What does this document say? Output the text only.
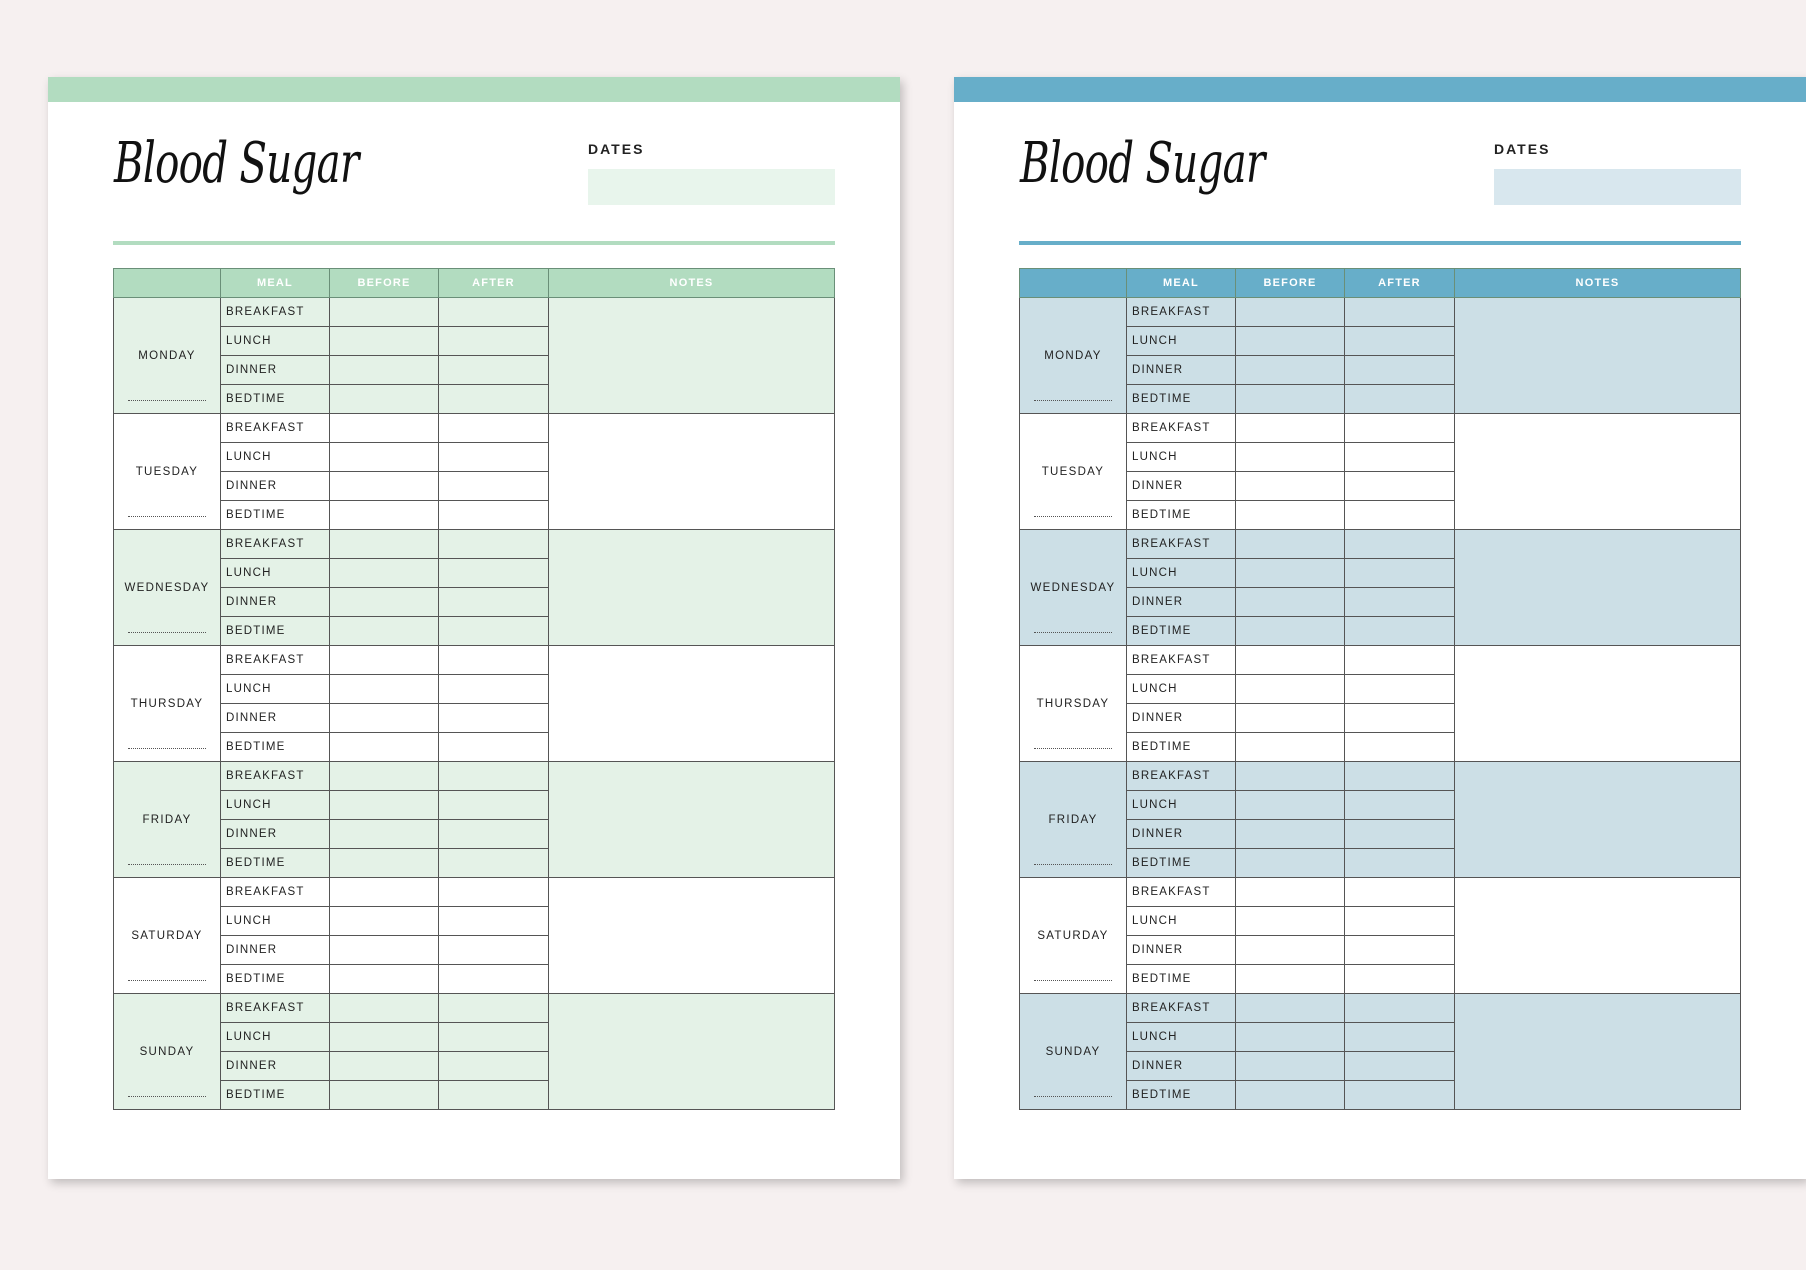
Blood Sugar	DATES
	MEAL	BEFORE	AFTER	NOTES
MONDAY	BREAKFAST			
	LUNCH			
	DINNER			
	BEDTIME			
TUESDAY	BREAKFAST			
	LUNCH			
	DINNER			
	BEDTIME			
WEDNESDAY	BREAKFAST			
	LUNCH			
	DINNER			
	BEDTIME			
THURSDAY	BREAKFAST			
	LUNCH			
	DINNER			
	BEDTIME			
FRIDAY	BREAKFAST			
	LUNCH			
	DINNER			
	BEDTIME			
SATURDAY	BREAKFAST			
	LUNCH			
	DINNER			
	BEDTIME			
SUNDAY	BREAKFAST			
	LUNCH			
	DINNER			
	BEDTIME			
Blood Sugar	DATES
	MEAL	BEFORE	AFTER	NOTES
MONDAY	BREAKFAST			
	LUNCH			
	DINNER			
	BEDTIME			
TUESDAY	BREAKFAST			
	LUNCH			
	DINNER			
	BEDTIME			
WEDNESDAY	BREAKFAST			
	LUNCH			
	DINNER			
	BEDTIME			
THURSDAY	BREAKFAST			
	LUNCH			
	DINNER			
	BEDTIME			
FRIDAY	BREAKFAST			
	LUNCH			
	DINNER			
	BEDTIME			
SATURDAY	BREAKFAST			
	LUNCH			
	DINNER			
	BEDTIME			
SUNDAY	BREAKFAST			
	LUNCH			
	DINNER			
	BEDTIME			
